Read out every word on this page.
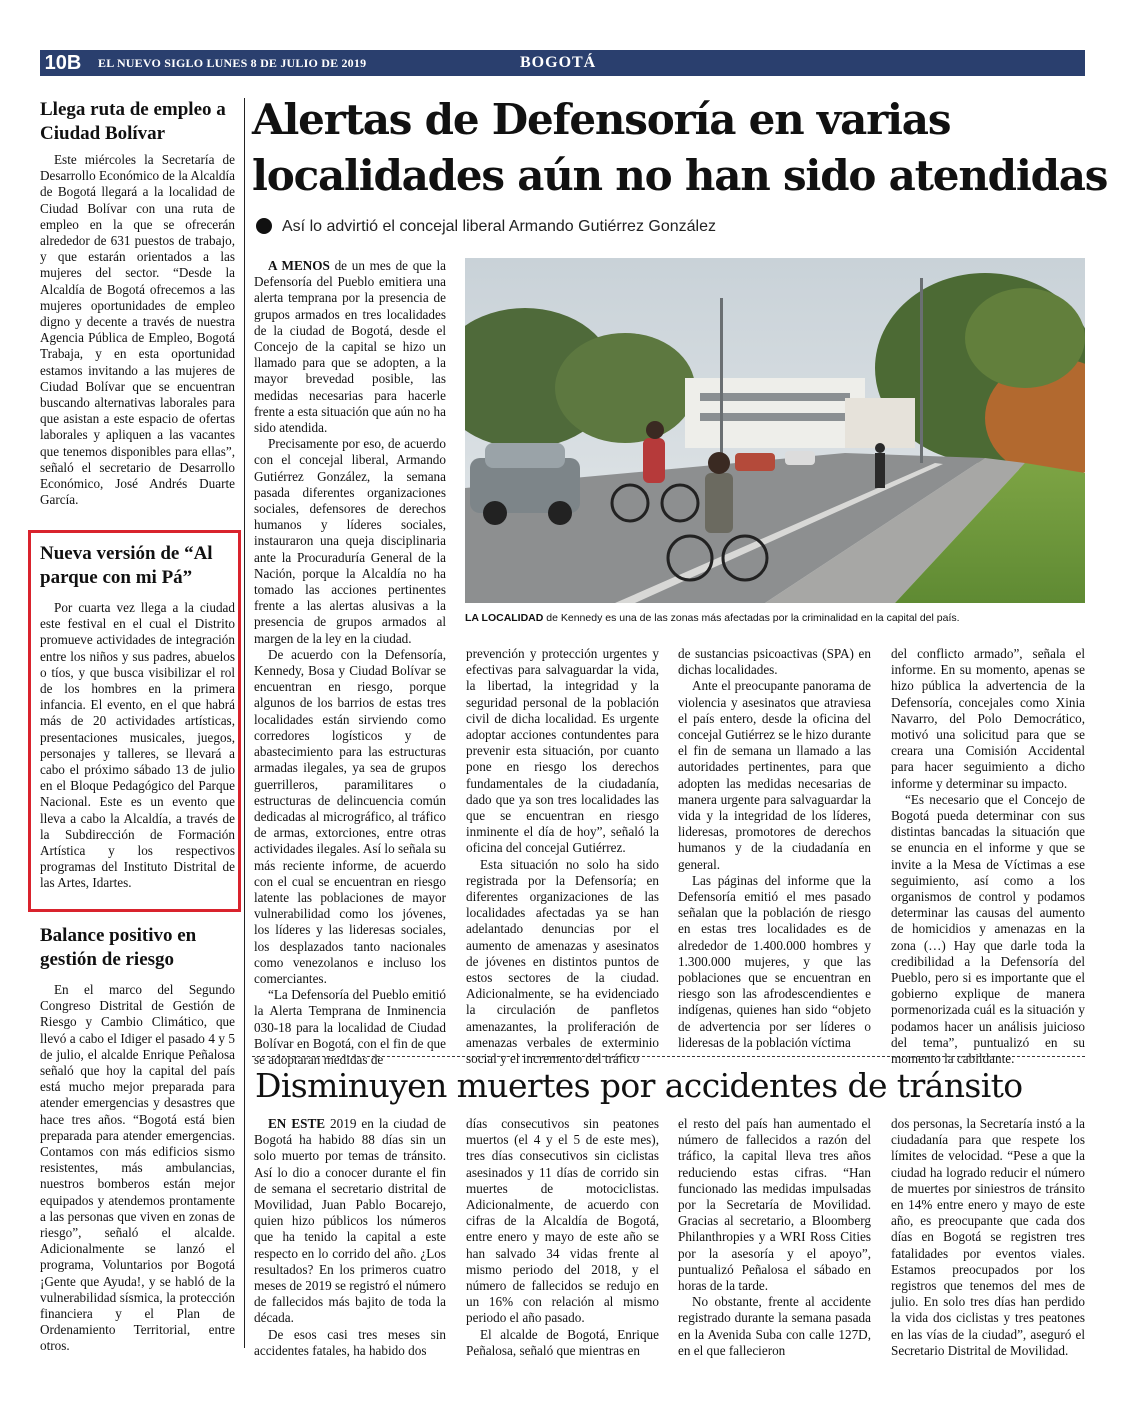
10B	EL NUEVO SIGLO LUNES 8 DE JULIO DE 2019	BOGOTÁ
Llega ruta de empleo a Ciudad Bolívar

Este miércoles la Secretaría de Desarrollo Económico de la Alcaldía de Bogotá llegará a la localidad de Ciudad Bolívar con una ruta de empleo en la que se ofrecerán alrededor de 631 puestos de trabajo, y que estarán orientados a las mujeres del sector. “Desde la Alcaldía de Bogotá ofrecemos a las mujeres oportunidades de empleo digno y decente a través de nuestra Agencia Pública de Empleo, Bogotá Trabaja, y en esta oportunidad estamos invitando a las mujeres de Ciudad Bolívar que se encuentran buscando alternativas laborales para que asistan a este espacio de ofertas laborales y apliquen a las vacantes que tenemos disponibles para ellas”, señaló el secretario de Desarrollo Económico, José Andrés Duarte García.

Nueva versión de “Al parque con mi Pá”

Por cuarta vez llega a la ciudad este festival en el cual el Distrito promueve actividades de integración entre los niños y sus padres, abuelos o tíos, y que busca visibilizar el rol de los hombres en la primera infancia. El evento, en el que habrá más de 20 actividades artísticas, presentaciones musicales, juegos, personajes y talleres, se llevará a cabo el próximo sábado 13 de julio en el Bloque Pedagógico del Parque Nacional. Este es un evento que lleva a cabo la Alcaldía, a través de la Subdirección de Formación Artística y los respectivos programas del Instituto Distrital de las Artes, Idartes.

Balance positivo en gestión de riesgo

En el marco del Segundo Congreso Distrital de Gestión de Riesgo y Cambio Climático, que llevó a cabo el Idiger el pasado 4 y 5 de julio, el alcalde Enrique Peñalosa señaló que hoy la capital del país está mucho mejor preparada para atender emergencias y desastres que hace tres años. “Bogotá está bien preparada para atender emergencias. Contamos con más edificios sismo resistentes, más ambulancias, nuestros bomberos están mejor equipados y atendemos prontamente a las personas que viven en zonas de riesgo”, señaló el alcalde. Adicionalmente se lanzó el programa, Voluntarios por Bogotá ¡Gente que Ayuda!, y se habló de la vulnerabilidad sísmica, la protección financiera y el Plan de Ordenamiento Territorial, entre otros.

Alertas de Defensoría en varias
localidades aún no han sido atendidas
Así lo advirtió el concejal liberal Armando Gutiérrez González

A MENOS de un mes de que la Defensoría del Pueblo emitiera una alerta temprana por la presencia de grupos armados en tres localidades de la ciudad de Bogotá, desde el Concejo de la capital se hizo un llamado para que se adopten, a la mayor brevedad posible, las medidas necesarias para hacerle frente a esta situación que aún no ha sido atendida.

Precisamente por eso, de acuerdo con el concejal liberal, Armando Gutiérrez González, la semana pasada diferentes organizaciones sociales, defensores de derechos humanos y líderes sociales, instauraron una queja disciplinaria ante la Procuraduría General de la Nación, porque la Alcaldía no ha tomado las acciones pertinentes frente a las alertas alusivas a la presencia de grupos armados al margen de la ley en la ciudad.

De acuerdo con la Defensoría, Kennedy, Bosa y Ciudad Bolívar se encuentran en riesgo, porque algunos de los barrios de estas tres localidades están sirviendo como corredores logísticos y de abastecimiento para las estructuras armadas ilegales, ya sea de grupos guerrilleros, paramilitares o estructuras de delincuencia común dedicadas al micrográfico, al tráfico de armas, extorciones, entre otras actividades ilegales. Así lo señala su más reciente informe, de acuerdo con el cual se encuentran en riesgo latente las poblaciones de mayor vulnerabilidad como los jóvenes, los líderes y las lideresas sociales, los desplazados tanto nacionales como venezolanos e incluso los comerciantes.

“La Defensoría del Pueblo emitió la Alerta Temprana de Inminencia 030-18 para la localidad de Ciudad Bolívar en Bogotá, con el fin de que se adoptaran medidas de

LA LOCALIDAD de Kennedy es una de las zonas más afectadas por la criminalidad en la capital del país.

prevención y protección urgentes y efectivas para salvaguardar la vida, la libertad, la integridad y la seguridad personal de la población civil de dicha localidad. Es urgente adoptar acciones contundentes para prevenir esta situación, por cuanto pone en riesgo los derechos fundamentales de la ciudadanía, dado que ya son tres localidades las que se encuentran en riesgo inminente el día de hoy”, señaló la oficina del concejal Gutiérrez.

Esta situación no solo ha sido registrada por la Defensoría; en diferentes organizaciones de las localidades afectadas ya se han adelantado denuncias por el aumento de amenazas y asesinatos de jóvenes en distintos puntos de estos sectores de la ciudad. Adicionalmente, se ha evidenciado la circulación de panfletos amenazantes, la proliferación de amenazas verbales de exterminio social y el incremento del tráfico

de sustancias psicoactivas (SPA) en dichas localidades.

Ante el preocupante panorama de violencia y asesinatos que atraviesa el país entero, desde la oficina del concejal Gutiérrez se le hizo durante el fin de semana un llamado a las autoridades pertinentes, para que adopten las medidas necesarias de manera urgente para salvaguardar la vida y la integridad de los líderes, lideresas, promotores de derechos humanos y de la ciudadanía en general.

Las páginas del informe que la Defensoría emitió el mes pasado señalan que la población de riesgo en estas tres localidades es de alrededor de 1.400.000 hombres y 1.300.000 mujeres, y que las poblaciones que se encuentran en riesgo son las afrodescendientes e indígenas, quienes han sido “objeto de advertencia por ser líderes o lideresas de la población víctima

del conflicto armado”, señala el informe. En su momento, apenas se hizo pública la advertencia de la Defensoría, concejales como Xinia Navarro, del Polo Democrático, motivó una solicitud para que se creara una Comisión Accidental para hacer seguimiento a dicho informe y determinar su impacto.

“Es necesario que el Concejo de Bogotá pueda determinar con sus distintas bancadas la situación que se enuncia en el informe y que se invite a la Mesa de Víctimas a ese seguimiento, así como a los organismos de control y podamos determinar las causas del aumento de homicidios y amenazas en la zona (…) Hay que darle toda la credibilidad a la Defensoría del Pueblo, pero si es importante que el gobierno explique de manera pormenorizada cuál es la situación y podamos hacer un análisis juicioso del tema”, puntualizó en su momento la cabildante.

Disminuyen muertes por accidentes de tránsito

EN ESTE 2019 en la ciudad de Bogotá ha habido 88 días sin un solo muerto por temas de tránsito. Así lo dio a conocer durante el fin de semana el secretario distrital de Movilidad, Juan Pablo Bocarejo, quien hizo públicos los números que ha tenido la capital a este respecto en lo corrido del año. ¿Los resultados? En los primeros cuatro meses de 2019 se registró el número de fallecidos más bajito de toda la década.

De esos casi tres meses sin accidentes fatales, ha habido dos

días consecutivos sin peatones muertos (el 4 y el 5 de este mes), tres días consecutivos sin ciclistas asesinados y 11 días de corrido sin muertes de motociclistas. Adicionalmente, de acuerdo con cifras de la Alcaldía de Bogotá, entre enero y mayo de este año se han salvado 34 vidas frente al mismo periodo del 2018, y el número de fallecidos se redujo en un 16% con relación al mismo periodo el año pasado.

El alcalde de Bogotá, Enrique Peñalosa, señaló que mientras en

el resto del país han aumentado el número de fallecidos a razón del tráfico, la capital lleva tres años reduciendo estas cifras. “Han funcionado las medidas impulsadas por la Secretaría de Movilidad. Gracias al secretario, a Bloomberg Philanthropies y a WRI Ross Cities por la asesoría y el apoyo”, puntualizó Peñalosa el sábado en horas de la tarde.

No obstante, frente al accidente registrado durante la semana pasada en la Avenida Suba con calle 127D, en el que fallecieron

dos personas, la Secretaría instó a la ciudadanía para que respete los límites de velocidad. “Pese a que la ciudad ha logrado reducir el número de muertes por siniestros de tránsito en 14% entre enero y mayo de este año, es preocupante que cada dos días en Bogotá se registren tres fatalidades por eventos viales. Estamos preocupados por los registros que tenemos del mes de julio. En solo tres días han perdido la vida dos ciclistas y tres peatones en las vías de la ciudad”, aseguró el Secretario Distrital de Movilidad.
